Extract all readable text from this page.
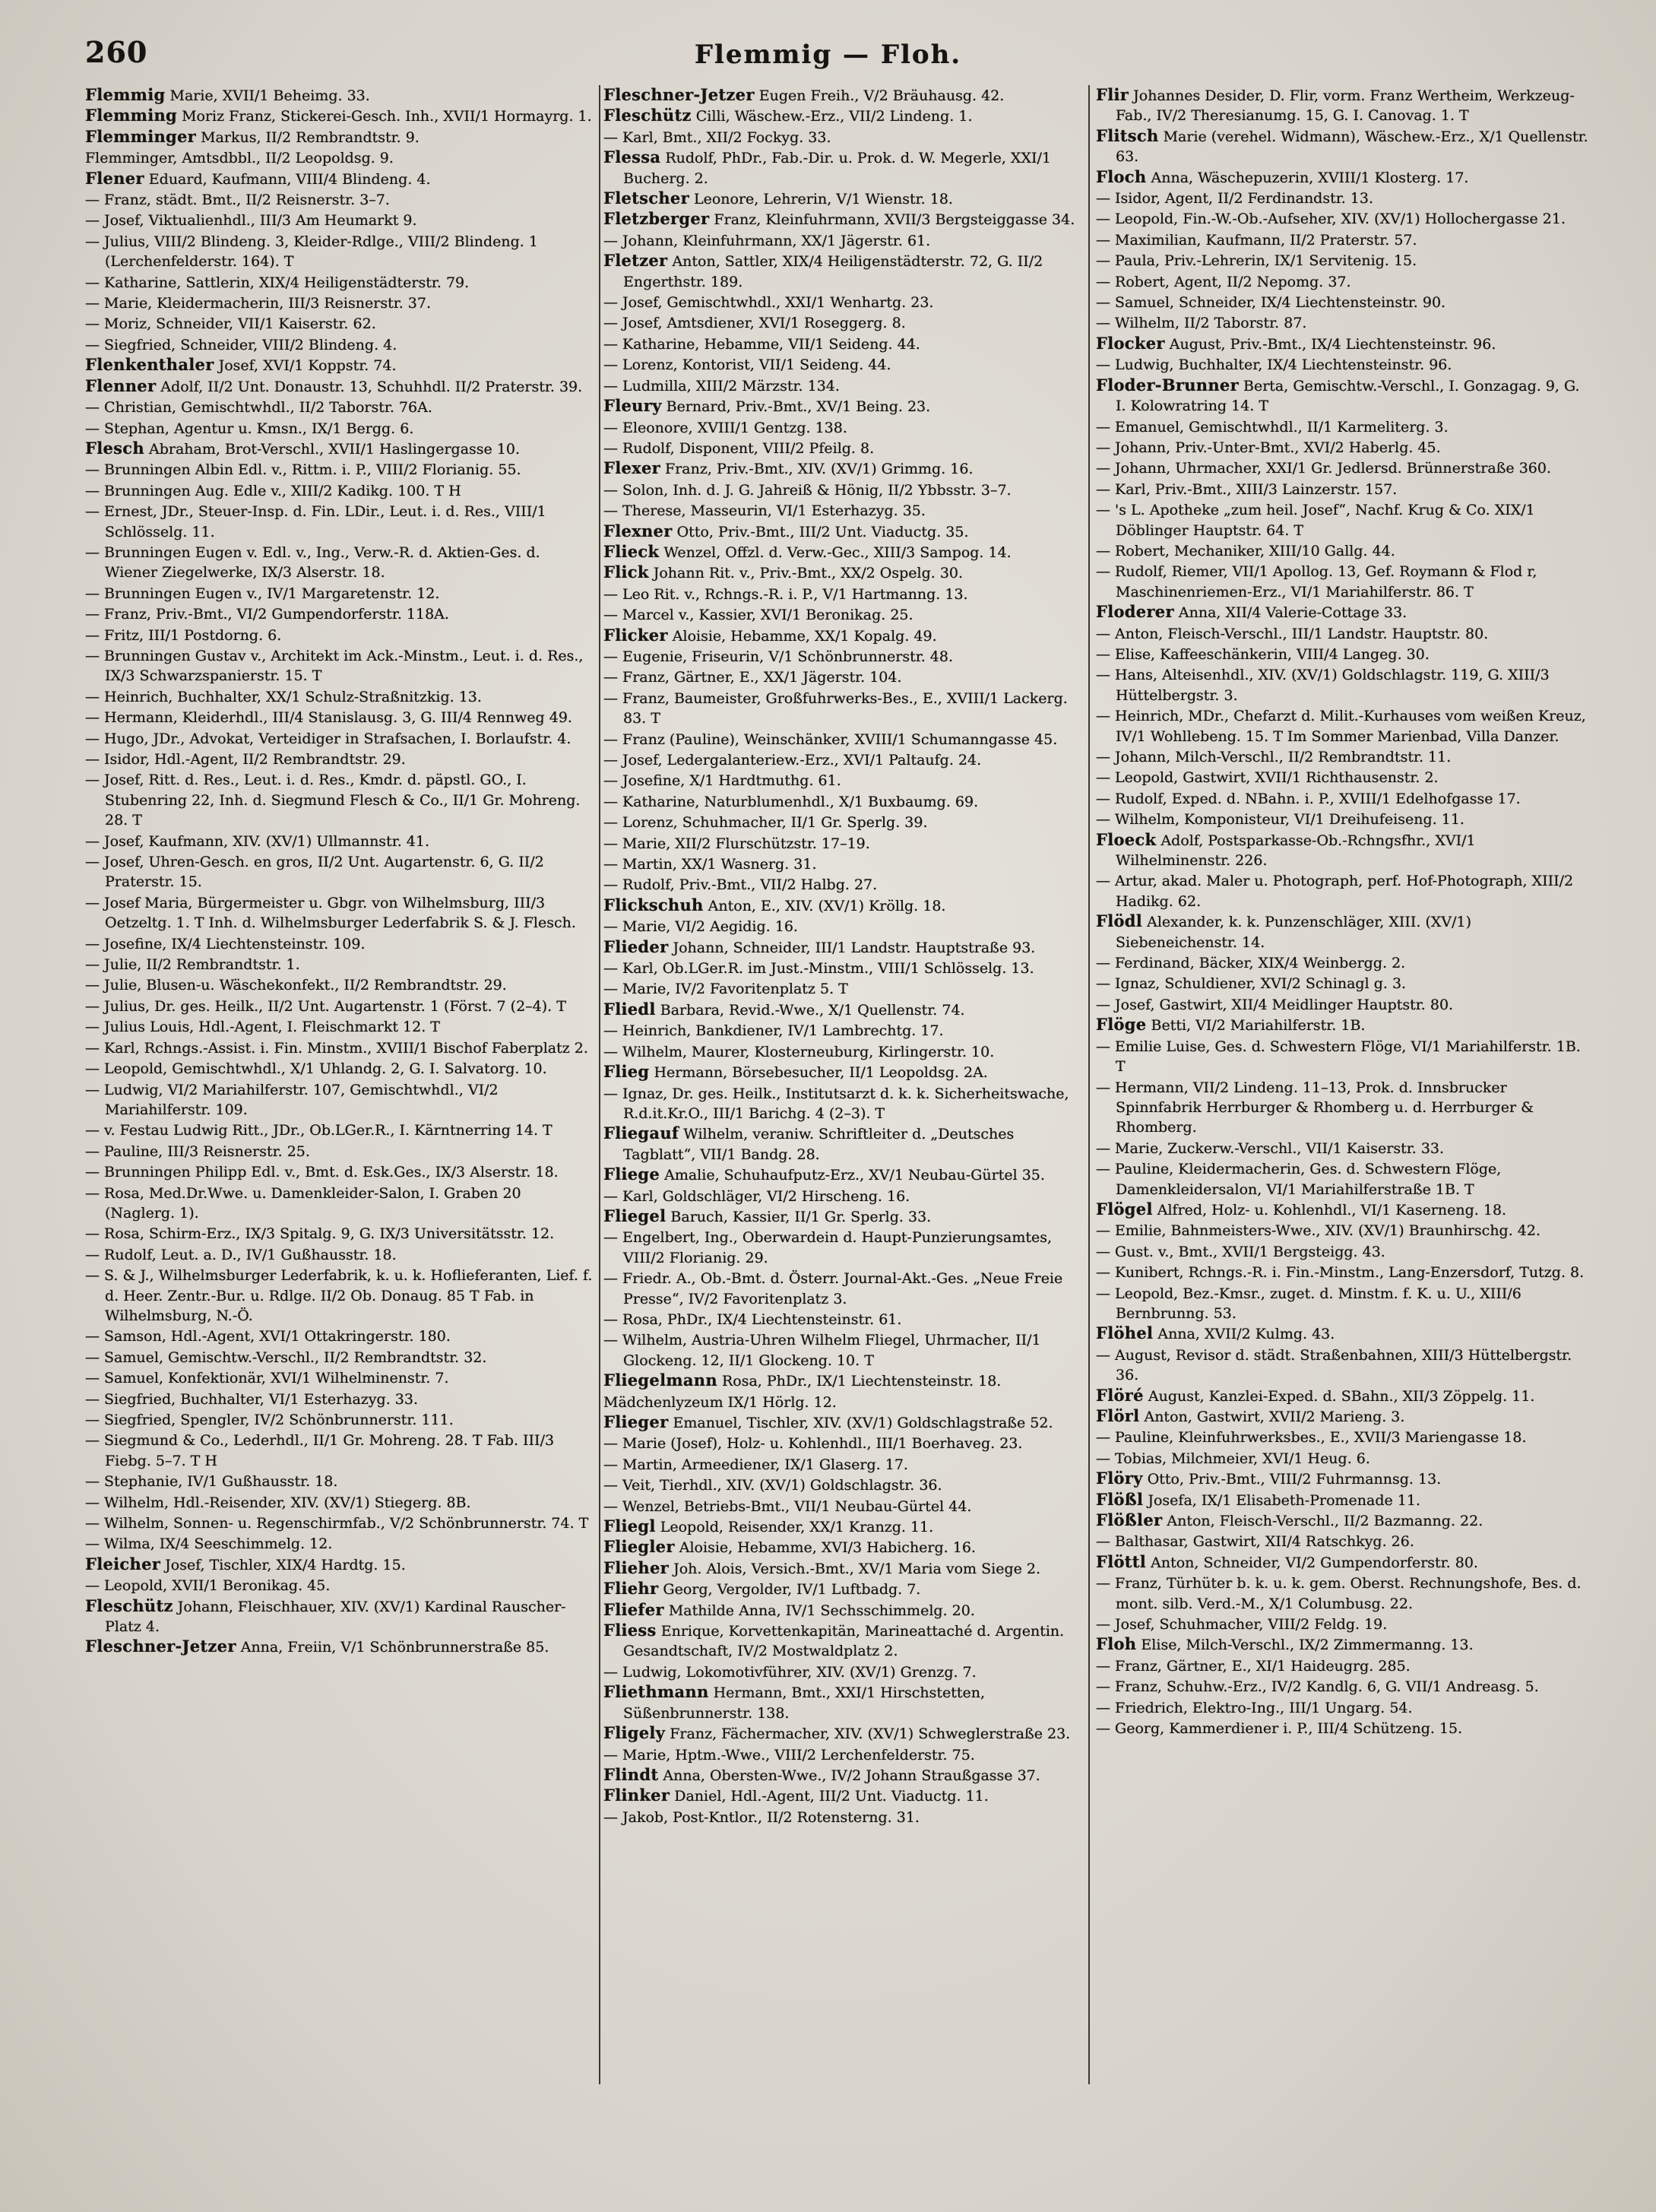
260	Flemmig — Floh.

Flemmig Marie, XVII/1 Beheimg. 33.

Flemming Moriz Franz, Stickerei-Gesch. Inh., XVII/1 Hormayrg. 1.

Flemminger Markus, II/2 Rembrandtstr. 9.

Flemminger, Amtsdbbl., II/2 Leopoldsg. 9.

Flener Eduard, Kaufmann, VIII/4 Blindeng. 4.

— Franz, städt. Bmt., II/2 Reisnerstr. 3–7.

— Josef, Viktualienhdl., III/3 Am Heumarkt 9.

— Julius, VIII/2 Blindeng. 3, Kleider-Rdlge., VIII/2 Blindeng. 1 (Lerchenfelderstr. 164). T

— Katharine, Sattlerin, XIX/4 Heiligenstädterstr. 79.

— Marie, Kleidermacherin, III/3 Reisnerstr. 37.

— Moriz, Schneider, VII/1 Kaiserstr. 62.

— Siegfried, Schneider, VIII/2 Blindeng. 4.

Flenkenthaler Josef, XVI/1 Koppstr. 74.

Flenner Adolf, II/2 Unt. Donaustr. 13, Schuhhdl. II/2 Praterstr. 39.

— Christian, Gemischtwhdl., II/2 Taborstr. 76A.

— Stephan, Agentur u. Kmsn., IX/1 Bergg. 6.

Flesch Abraham, Brot-Verschl., XVII/1 Haslingergasse 10.

— Brunningen Albin Edl. v., Rittm. i. P., VIII/2 Florianig. 55.

— Brunningen Aug. Edle v., XIII/2 Kadikg. 100. T H

— Ernest, JDr., Steuer-Insp. d. Fin. LDir., Leut. i. d. Res., VIII/1 Schlösselg. 11.

— Brunningen Eugen v. Edl. v., Ing., Verw.-R. d. Aktien-Ges. d. Wiener Ziegelwerke, IX/3 Alserstr. 18.

— Brunningen Eugen v., IV/1 Margaretenstr. 12.

— Franz, Priv.-Bmt., VI/2 Gumpendorferstr. 118A.

— Fritz, III/1 Postdorng. 6.

— Brunningen Gustav v., Architekt im Ack.-Minstm., Leut. i. d. Res., IX/3 Schwarzspanierstr. 15. T

— Heinrich, Buchhalter, XX/1 Schulz-Straßnitzkig. 13.

— Hermann, Kleiderhdl., III/4 Stanislausg. 3, G. III/4 Rennweg 49.

— Hugo, JDr., Advokat, Verteidiger in Strafsachen, I. Borlaufstr. 4.

— Isidor, Hdl.-Agent, II/2 Rembrandtstr. 29.

— Josef, Ritt. d. Res., Leut. i. d. Res., Kmdr. d. päpstl. GO., I. Stubenring 22, Inh. d. Siegmund Flesch & Co., II/1 Gr. Mohreng. 28. T

— Josef, Kaufmann, XIV. (XV/1) Ullmannstr. 41.

— Josef, Uhren-Gesch. en gros, II/2 Unt. Augartenstr. 6, G. II/2 Praterstr. 15.

— Josef Maria, Bürgermeister u. Gbgr. von Wilhelmsburg, III/3 Oetzeltg. 1. T Inh. d. Wilhelmsburger Lederfabrik S. & J. Flesch.

— Josefine, IX/4 Liechtensteinstr. 109.

— Julie, II/2 Rembrandtstr. 1.

— Julie, Blusen-u. Wäschekonfekt., II/2 Rembrandtstr. 29.

— Julius, Dr. ges. Heilk., II/2 Unt. Augartenstr. 1 (Först. 7 (2–4). T

— Julius Louis, Hdl.-Agent, I. Fleischmarkt 12. T

— Karl, Rchngs.-Assist. i. Fin. Minstm., XVIII/1 Bischof Faberplatz 2.

— Leopold, Gemischtwhdl., X/1 Uhlandg. 2, G. I. Salvatorg. 10.

— Ludwig, VI/2 Mariahilferstr. 107, Gemischtwhdl., VI/2 Mariahilferstr. 109.

— v. Festau Ludwig Ritt., JDr., Ob.LGer.R., I. Kärntnerring 14. T

— Pauline, III/3 Reisnerstr. 25.

— Brunningen Philipp Edl. v., Bmt. d. Esk.Ges., IX/3 Alserstr. 18.

— Rosa, Med.Dr.Wwe. u. Damenkleider-Salon, I. Graben 20 (Naglerg. 1).

— Rosa, Schirm-Erz., IX/3 Spitalg. 9, G. IX/3 Universitätsstr. 12.

— Rudolf, Leut. a. D., IV/1 Gußhausstr. 18.

— S. & J., Wilhelmsburger Lederfabrik, k. u. k. Hoflieferanten, Lief. f. d. Heer. Zentr.-Bur. u. Rdlge. II/2 Ob. Donaug. 85 T Fab. in Wilhelmsburg, N.-Ö.

— Samson, Hdl.-Agent, XVI/1 Ottakringerstr. 180.

— Samuel, Gemischtw.-Verschl., II/2 Rembrandtstr. 32.

— Samuel, Konfektionär, XVI/1 Wilhelminenstr. 7.

— Siegfried, Buchhalter, VI/1 Esterhazyg. 33.

— Siegfried, Spengler, IV/2 Schönbrunnerstr. 111.

— Siegmund & Co., Lederhdl., II/1 Gr. Mohreng. 28. T Fab. III/3 Fiebg. 5–7. T H

— Stephanie, IV/1 Gußhausstr. 18.

— Wilhelm, Hdl.-Reisender, XIV. (XV/1) Stiegerg. 8B.

— Wilhelm, Sonnen- u. Regenschirmfab., V/2 Schönbrunnerstr. 74. T

— Wilma, IX/4 Seeschimmelg. 12.

Fleicher Josef, Tischler, XIX/4 Hardtg. 15.

— Leopold, XVII/1 Beronikag. 45.

Fleschütz Johann, Fleischhauer, XIV. (XV/1) Kardinal Rauscher-Platz 4.

Fleschner-Jetzer Anna, Freiin, V/1 Schönbrunnerstraße 85.

Fleschner-Jetzer Eugen Freih., V/2 Bräuhausg. 42.

Fleschütz Cilli, Wäschew.-Erz., VII/2 Lindeng. 1.

— Karl, Bmt., XII/2 Fockyg. 33.

Flessa Rudolf, PhDr., Fab.-Dir. u. Prok. d. W. Megerle, XXI/1 Bucherg. 2.

Fletscher Leonore, Lehrerin, V/1 Wienstr. 18.

Fletzberger Franz, Kleinfuhrmann, XVII/3 Bergsteiggasse 34.

— Johann, Kleinfuhrmann, XX/1 Jägerstr. 61.

Fletzer Anton, Sattler, XIX/4 Heiligenstädterstr. 72, G. II/2 Engerthstr. 189.

— Josef, Gemischtwhdl., XXI/1 Wenhartg. 23.

— Josef, Amtsdiener, XVI/1 Roseggerg. 8.

— Katharine, Hebamme, VII/1 Seideng. 44.

— Lorenz, Kontorist, VII/1 Seideng. 44.

— Ludmilla, XIII/2 Märzstr. 134.

Fleury Bernard, Priv.-Bmt., XV/1 Being. 23.

— Eleonore, XVIII/1 Gentzg. 138.

— Rudolf, Disponent, VIII/2 Pfeilg. 8.

Flexer Franz, Priv.-Bmt., XIV. (XV/1) Grimmg. 16.

— Solon, Inh. d. J. G. Jahreiß & Hönig, II/2 Ybbsstr. 3–7.

— Therese, Masseurin, VI/1 Esterhazyg. 35.

Flexner Otto, Priv.-Bmt., III/2 Unt. Viaductg. 35.

Flieck Wenzel, Offzl. d. Verw.-Gec., XIII/3 Sampog. 14.

Flick Johann Rit. v., Priv.-Bmt., XX/2 Ospelg. 30.

— Leo Rit. v., Rchngs.-R. i. P., V/1 Hartmanng. 13.

— Marcel v., Kassier, XVI/1 Beronikag. 25.

Flicker Aloisie, Hebamme, XX/1 Kopalg. 49.

— Eugenie, Friseurin, V/1 Schönbrunnerstr. 48.

— Franz, Gärtner, E., XX/1 Jägerstr. 104.

— Franz, Baumeister, Großfuhrwerks-Bes., E., XVIII/1 Lackerg. 83. T

— Franz (Pauline), Weinschänker, XVIII/1 Schumanngasse 45.

— Josef, Ledergalanteriew.-Erz., XVI/1 Paltaufg. 24.

— Josefine, X/1 Hardtmuthg. 61.

— Katharine, Naturblumenhdl., X/1 Buxbaumg. 69.

— Lorenz, Schuhmacher, II/1 Gr. Sperlg. 39.

— Marie, XII/2 Flurschützstr. 17–19.

— Martin, XX/1 Wasnerg. 31.

— Rudolf, Priv.-Bmt., VII/2 Halbg. 27.

Flickschuh Anton, E., XIV. (XV/1) Kröllg. 18.

— Marie, VI/2 Aegidig. 16.

Flieder Johann, Schneider, III/1 Landstr. Hauptstraße 93.

— Karl, Ob.LGer.R. im Just.-Minstm., VIII/1 Schlösselg. 13.

— Marie, IV/2 Favoritenplatz 5. T

Fliedl Barbara, Revid.-Wwe., X/1 Quellenstr. 74.

— Heinrich, Bankdiener, IV/1 Lambrechtg. 17.

— Wilhelm, Maurer, Klosterneuburg, Kirlingerstr. 10.

Flieg Hermann, Börsebesucher, II/1 Leopoldsg. 2A.

— Ignaz, Dr. ges. Heilk., Institutsarzt d. k. k. Sicherheitswache, R.d.it.Kr.O., III/1 Barichg. 4 (2–3). T

Fliegauf Wilhelm, veraniw. Schriftleiter d. „Deutsches Tagblatt“, VII/1 Bandg. 28.

Fliege Amalie, Schuhaufputz-Erz., XV/1 Neubau-Gürtel 35.

— Karl, Goldschläger, VI/2 Hirscheng. 16.

Fliegel Baruch, Kassier, II/1 Gr. Sperlg. 33.

— Engelbert, Ing., Oberwardein d. Haupt-Punzierungsamtes, VIII/2 Florianig. 29.

— Friedr. A., Ob.-Bmt. d. Österr. Journal-Akt.-Ges. „Neue Freie Presse“, IV/2 Favoritenplatz 3.

— Rosa, PhDr., IX/4 Liechtensteinstr. 61.

— Wilhelm, Austria-Uhren Wilhelm Fliegel, Uhrmacher, II/1 Glockeng. 12, II/1 Glockeng. 10. T

Fliegelmann Rosa, PhDr., IX/1 Liechtensteinstr. 18.

Mädchenlyzeum IX/1 Hörlg. 12.

Flieger Emanuel, Tischler, XIV. (XV/1) Goldschlagstraße 52.

— Marie (Josef), Holz- u. Kohlenhdl., III/1 Boerhaveg. 23.

— Martin, Armeediener, IX/1 Glaserg. 17.

— Veit, Tierhdl., XIV. (XV/1) Goldschlagstr. 36.

— Wenzel, Betriebs-Bmt., VII/1 Neubau-Gürtel 44.

Fliegl Leopold, Reisender, XX/1 Kranzg. 11.

Fliegler Aloisie, Hebamme, XVI/3 Habicherg. 16.

Flieher Joh. Alois, Versich.-Bmt., XV/1 Maria vom Siege 2.

Fliehr Georg, Vergolder, IV/1 Luftbadg. 7.

Fliefer Mathilde Anna, IV/1 Sechsschimmelg. 20.

Fliess Enrique, Korvettenkapitän, Marineattaché d. Argentin. Gesandtschaft, IV/2 Mostwaldplatz 2.

— Ludwig, Lokomotivführer, XIV. (XV/1) Grenzg. 7.

Fliethmann Hermann, Bmt., XXI/1 Hirschstetten, Süßenbrunnerstr. 138.

Fligely Franz, Fächermacher, XIV. (XV/1) Schweglerstraße 23.

— Marie, Hptm.-Wwe., VIII/2 Lerchenfelderstr. 75.

Flindt Anna, Obersten-Wwe., IV/2 Johann Straußgasse 37.

Flinker Daniel, Hdl.-Agent, III/2 Unt. Viaductg. 11.

— Jakob, Post-Kntlor., II/2 Rotensterng. 31.

Flir Johannes Desider, D. Flir, vorm. Franz Wertheim, Werkzeug-Fab., IV/2 Theresianumg. 15, G. I. Canovag. 1. T

Flitsch Marie (verehel. Widmann), Wäschew.-Erz., X/1 Quellenstr. 63.

Floch Anna, Wäschepuzerin, XVIII/1 Klosterg. 17.

— Isidor, Agent, II/2 Ferdinandstr. 13.

— Leopold, Fin.-W.-Ob.-Aufseher, XIV. (XV/1) Hollochergasse 21.

— Maximilian, Kaufmann, II/2 Praterstr. 57.

— Paula, Priv.-Lehrerin, IX/1 Servitenig. 15.

— Robert, Agent, II/2 Nepomg. 37.

— Samuel, Schneider, IX/4 Liechtensteinstr. 90.

— Wilhelm, II/2 Taborstr. 87.

Flocker August, Priv.-Bmt., IX/4 Liechtensteinstr. 96.

— Ludwig, Buchhalter, IX/4 Liechtensteinstr. 96.

Floder-Brunner Berta, Gemischtw.-Verschl., I. Gonzagag. 9, G. I. Kolowratring 14. T

— Emanuel, Gemischtwhdl., II/1 Karmeliterg. 3.

— Johann, Priv.-Unter-Bmt., XVI/2 Haberlg. 45.

— Johann, Uhrmacher, XXI/1 Gr. Jedlersd. Brünnerstraße 360.

— Karl, Priv.-Bmt., XIII/3 Lainzerstr. 157.

— 's L. Apotheke „zum heil. Josef“, Nachf. Krug & Co. XIX/1 Döblinger Hauptstr. 64. T

— Robert, Mechaniker, XIII/10 Gallg. 44.

— Rudolf, Riemer, VII/1 Apollog. 13, Gef. Roymann & Flod r, Maschinenriemen-Erz., VI/1 Mariahilferstr. 86. T

Floderer Anna, XII/4 Valerie-Cottage 33.

— Anton, Fleisch-Verschl., III/1 Landstr. Hauptstr. 80.

— Elise, Kaffeeschänkerin, VIII/4 Langeg. 30.

— Hans, Alteisenhdl., XIV. (XV/1) Goldschlagstr. 119, G. XIII/3 Hüttelbergstr. 3.

— Heinrich, MDr., Chefarzt d. Milit.-Kurhauses vom weißen Kreuz, IV/1 Wohllebeng. 15. T Im Sommer Marienbad, Villa Danzer.

— Johann, Milch-Verschl., II/2 Rembrandtstr. 11.

— Leopold, Gastwirt, XVII/1 Richthausenstr. 2.

— Rudolf, Exped. d. NBahn. i. P., XVIII/1 Edelhofgasse 17.

— Wilhelm, Komponisteur, VI/1 Dreihufeiseng. 11.

Floeck Adolf, Postsparkasse-Ob.-Rchngsfhr., XVI/1 Wilhelminenstr. 226.

— Artur, akad. Maler u. Photograph, perf. Hof-Photograph, XIII/2 Hadikg. 62.

Flödl Alexander, k. k. Punzenschläger, XIII. (XV/1) Siebeneichenstr. 14.

— Ferdinand, Bäcker, XIX/4 Weinbergg. 2.

— Ignaz, Schuldiener, XVI/2 Schinagl g. 3.

— Josef, Gastwirt, XII/4 Meidlinger Hauptstr. 80.

Flöge Betti, VI/2 Mariahilferstr. 1B.

— Emilie Luise, Ges. d. Schwestern Flöge, VI/1 Mariahilferstr. 1B. T

— Hermann, VII/2 Lindeng. 11–13, Prok. d. Innsbrucker Spinnfabrik Herrburger & Rhomberg u. d. Herrburger & Rhomberg.

— Marie, Zuckerw.-Verschl., VII/1 Kaiserstr. 33.

— Pauline, Kleidermacherin, Ges. d. Schwestern Flöge, Damenkleidersalon, VI/1 Mariahilferstraße 1B. T

Flögel Alfred, Holz- u. Kohlenhdl., VI/1 Kaserneng. 18.

— Emilie, Bahnmeisters-Wwe., XIV. (XV/1) Braunhirschg. 42.

— Gust. v., Bmt., XVII/1 Bergsteigg. 43.

— Kunibert, Rchngs.-R. i. Fin.-Minstm., Lang-Enzersdorf, Tutzg. 8.

— Leopold, Bez.-Kmsr., zuget. d. Minstm. f. K. u. U., XIII/6 Bernbrunng. 53.

Flöhel Anna, XVII/2 Kulmg. 43.

— August, Revisor d. städt. Straßenbahnen, XIII/3 Hüttelbergstr. 36.

Flöré August, Kanzlei-Exped. d. SBahn., XII/3 Zöppelg. 11.

Flörl Anton, Gastwirt, XVII/2 Marieng. 3.

— Pauline, Kleinfuhrwerksbes., E., XVII/3 Mariengasse 18.

— Tobias, Milchmeier, XVI/1 Heug. 6.

Flöry Otto, Priv.-Bmt., VIII/2 Fuhrmannsg. 13.

Flößl Josefa, IX/1 Elisabeth-Promenade 11.

Flößler Anton, Fleisch-Verschl., II/2 Bazmanng. 22.

— Balthasar, Gastwirt, XII/4 Ratschkyg. 26.

Flöttl Anton, Schneider, VI/2 Gumpendorferstr. 80.

— Franz, Türhüter b. k. u. k. gem. Oberst. Rechnungshofe, Bes. d. mont. silb. Verd.-M., X/1 Columbusg. 22.

— Josef, Schuhmacher, VIII/2 Feldg. 19.

Floh Elise, Milch-Verschl., IX/2 Zimmermanng. 13.

— Franz, Gärtner, E., XI/1 Haideugrg. 285.

— Franz, Schuhw.-Erz., IV/2 Kandlg. 6, G. VII/1 Andreasg. 5.

— Friedrich, Elektro-Ing., III/1 Ungarg. 54.

— Georg, Kammerdiener i. P., III/4 Schützeng. 15.
